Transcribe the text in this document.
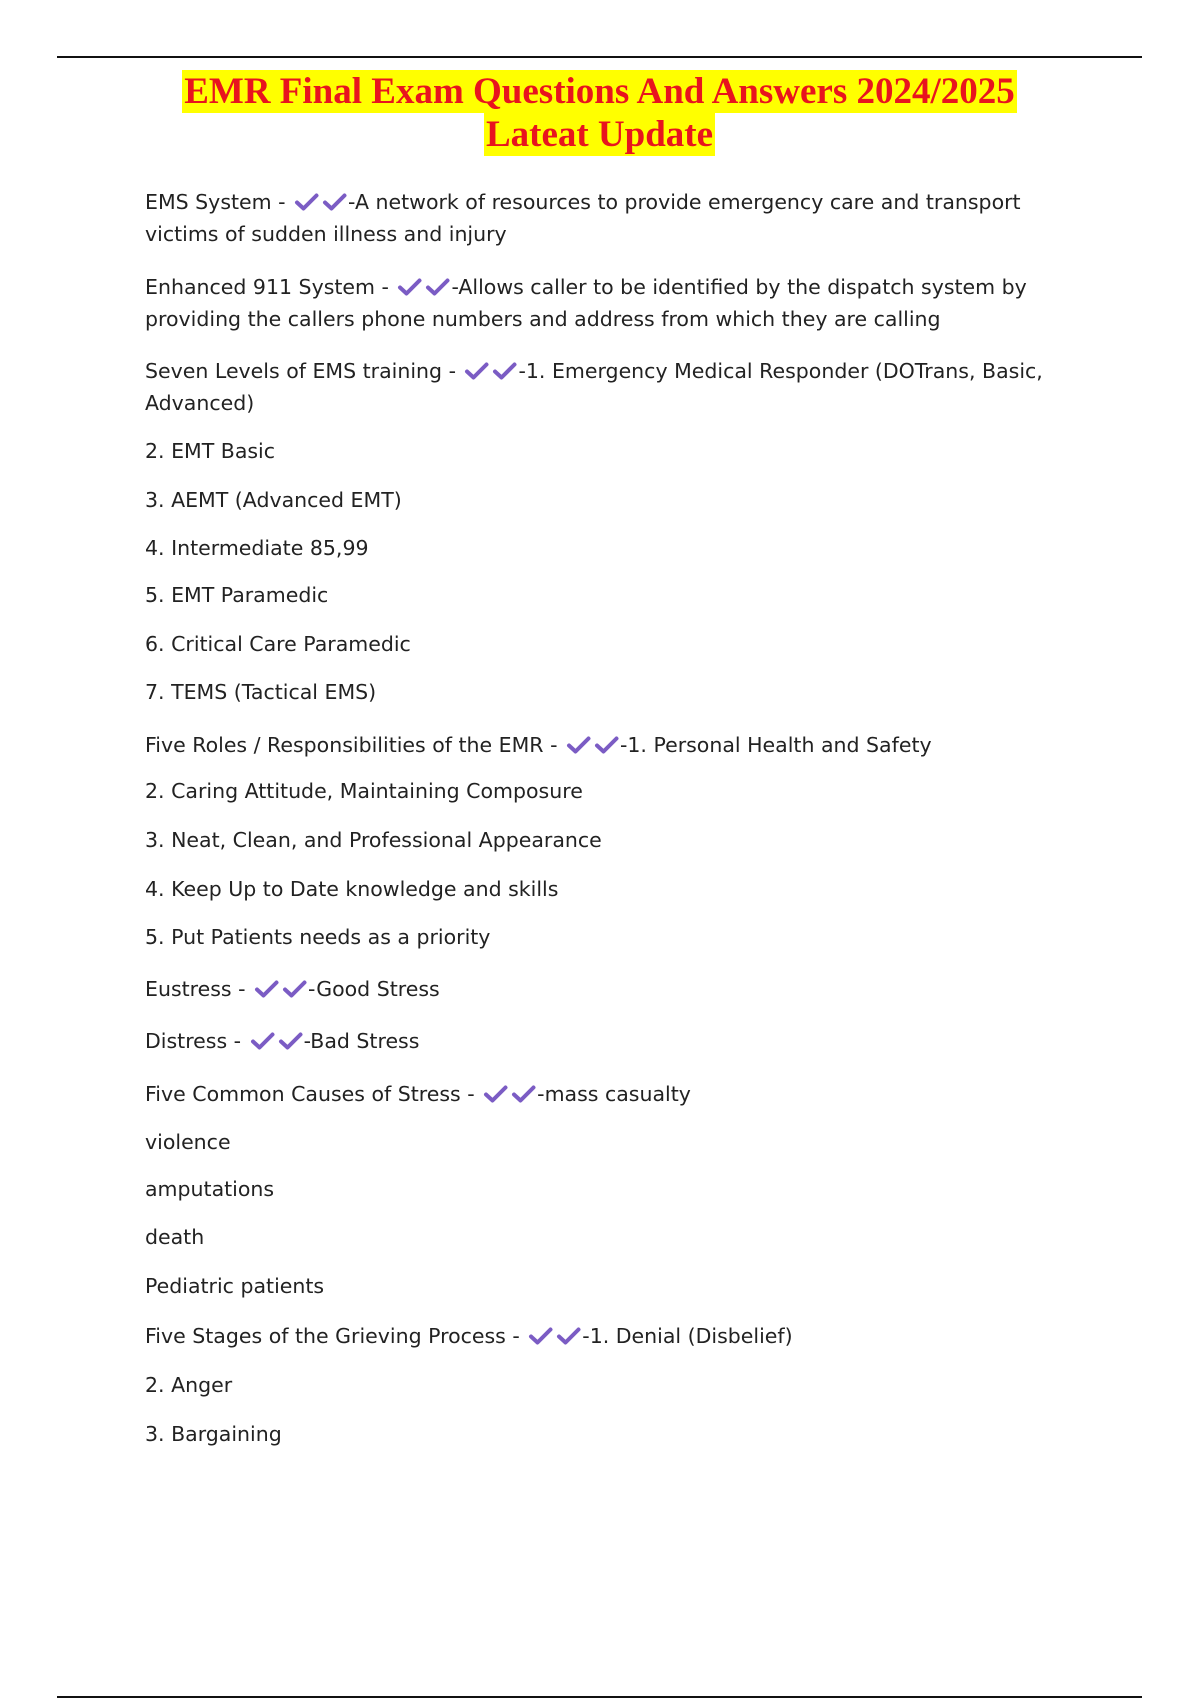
EMR Final Exam Questions And Answers 2024/2025
Lateat Update
EMS System -	-A network of resources to provide emergency care and transport victims of sudden illness and injury
Enhanced 911 System -	-Allows caller to be identified by the dispatch system by providing the callers phone numbers and address from which they are calling
Seven Levels of EMS training -	-1. Emergency Medical Responder (DOTrans, Basic, Advanced)
2. EMT Basic
3. AEMT (Advanced EMT)
4. Intermediate 85,99
5. EMT Paramedic
6. Critical Care Paramedic
7. TEMS (Tactical EMS)
Five Roles / Responsibilities of the EMR -	-1. Personal Health and Safety
2. Caring Attitude, Maintaining Composure
3. Neat, Clean, and Professional Appearance
4. Keep Up to Date knowledge and skills
5. Put Patients needs as a priority
Eustress -	-Good Stress
Distress -	-Bad Stress
Five Common Causes of Stress -	-mass casualty
violence
amputations
death
Pediatric patients
Five Stages of the Grieving Process -	-1. Denial (Disbelief)
2. Anger
3. Bargaining
